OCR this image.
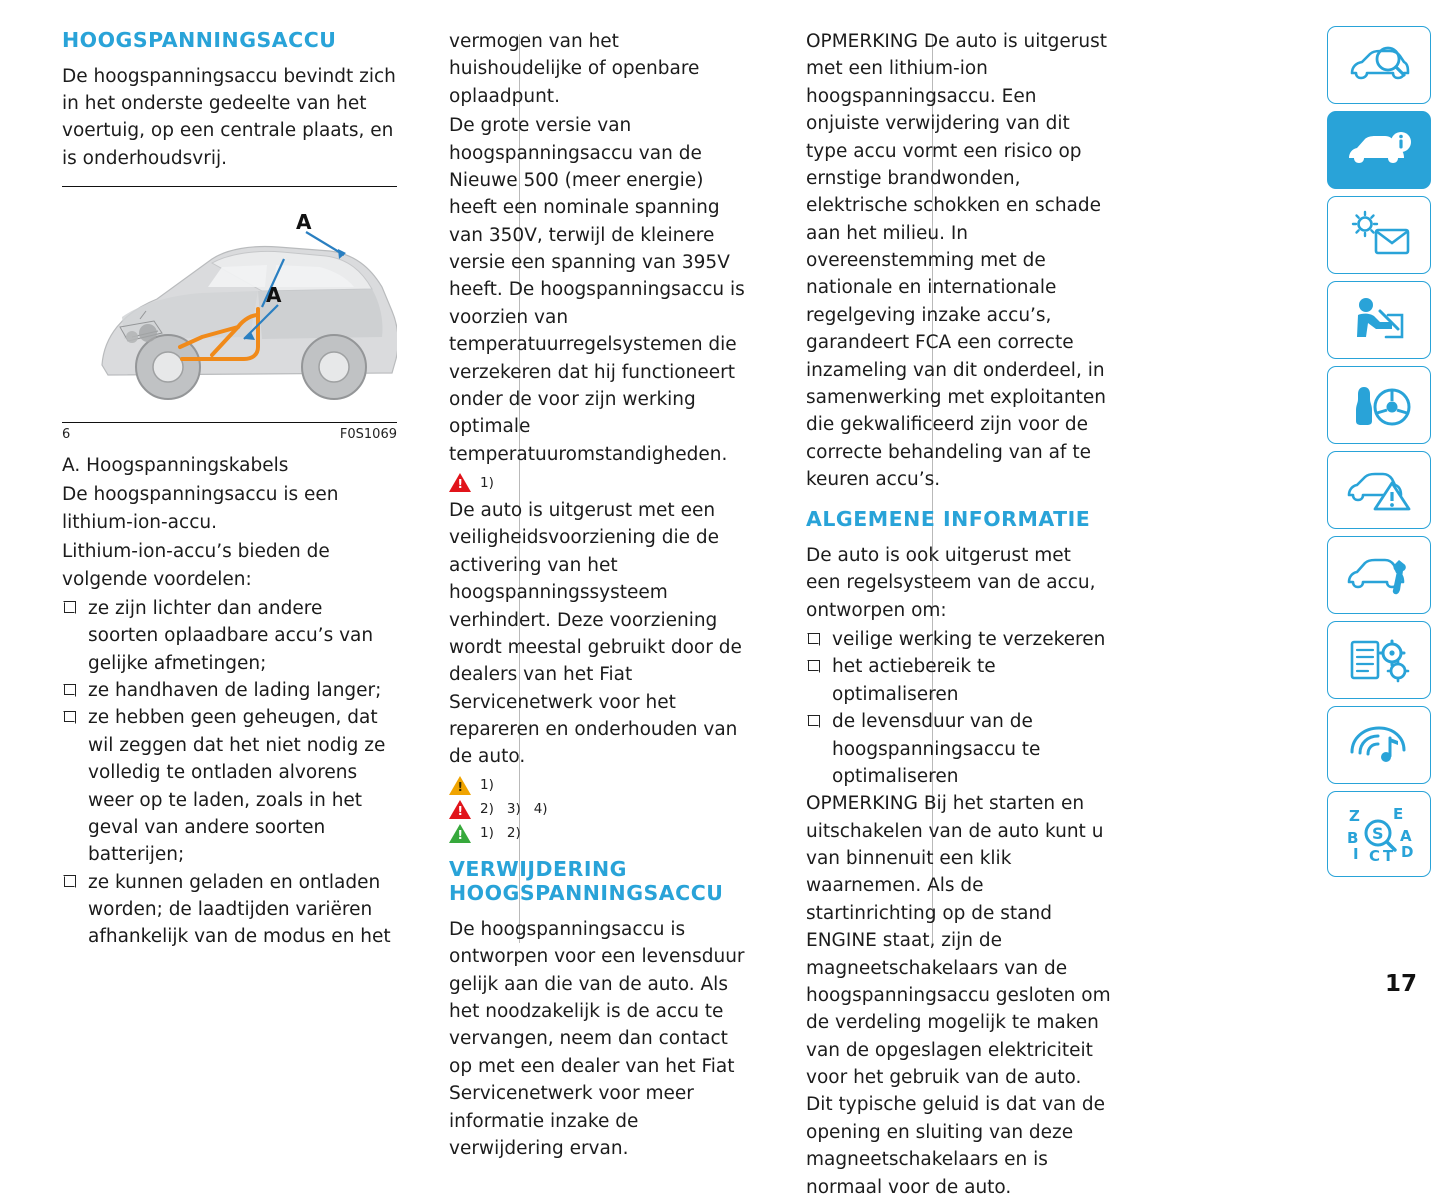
HOOGSPANNINGSACCU

De hoogspanningsaccu bevindt zich in het onderste gedeelte van het voertuig, op een centrale plaats, en is onderhoudsvrij.

A
A
6	F0S1069

A. Hoogspanningskabels

De hoogspanningsaccu is een lithium-ion-accu.

Lithium-ion-accu’s bieden de volgende voordelen:

ze zijn lichter dan andere soorten oplaadbare accu’s van gelijke afmetingen;

ze handhaven de lading langer;

ze hebben geen geheugen, dat wil zeggen dat het niet nodig ze volledig te ontladen alvorens weer op te laden, zoals in het geval van andere soorten batterijen;

ze kunnen geladen en ontladen worden; de laadtijden variëren afhankelijk van de modus en het

vermogen van het huishoudelijke of openbare oplaadpunt.

De grote versie van hoogspanningsaccu van de Nieuwe 500 (meer energie) heeft een nominale spanning van 350V, terwijl de kleinere versie een spanning van 395V heeft. De hoogspanningsaccu is voorzien van temperatuurregelsystemen die verzekeren dat hij functioneert onder de voor zijn werking optimale temperatuuromstandigheden.

! 1)

De auto is uitgerust met een veiligheidsvoorziening die de activering van het hoogspanningssysteem verhindert. Deze voorziening wordt meestal gebruikt door de dealers van het Fiat Servicenetwerk voor het repareren en onderhouden van de auto.

! 1)
! 2) 3) 4)
! 1) 2)
VERWIJDERING
HOOGSPANNINGSACCU

De hoogspanningsaccu is ontworpen voor een levensduur gelijk aan die van de auto. Als het noodzakelijk is de accu te vervangen, neem dan contact op met een dealer van het Fiat Servicenetwerk voor meer informatie inzake de verwijdering ervan.

OPMERKING De auto is uitgerust met een lithium-ion hoogspanningsaccu. Een onjuiste verwijdering van dit type accu vormt een risico op ernstige brandwonden, elektrische schokken en schade aan het milieu. In overeenstemming met de nationale en internationale regelgeving inzake accu’s, garandeert FCA een correcte inzameling van dit onderdeel, in samenwerking met exploitanten die gekwalificeerd zijn voor de correcte behandeling van af te keuren accu’s.

ALGEMENE INFORMATIE

De auto is ook uitgerust met een regelsysteem van de accu, ontworpen om:

veilige werking te verzekeren

het actiebereik te optimaliseren

de levensduur van de hoogspanningsaccu te optimaliseren

OPMERKING Bij het starten en uitschakelen van de auto kunt u van binnenuit een klik waarnemen. Als de startinrichting op de stand ENGINE staat, zijn de magneetschakelaars van de hoogspanningsaccu gesloten om de verdeling mogelijk te maken van de opgeslagen elektriciteit voor het gebruik van de auto. Dit typische geluid is dat van de opening en sluiting van deze magneetschakelaars en is normaal voor de auto.

Z E
B	A
I C T D
S
17
